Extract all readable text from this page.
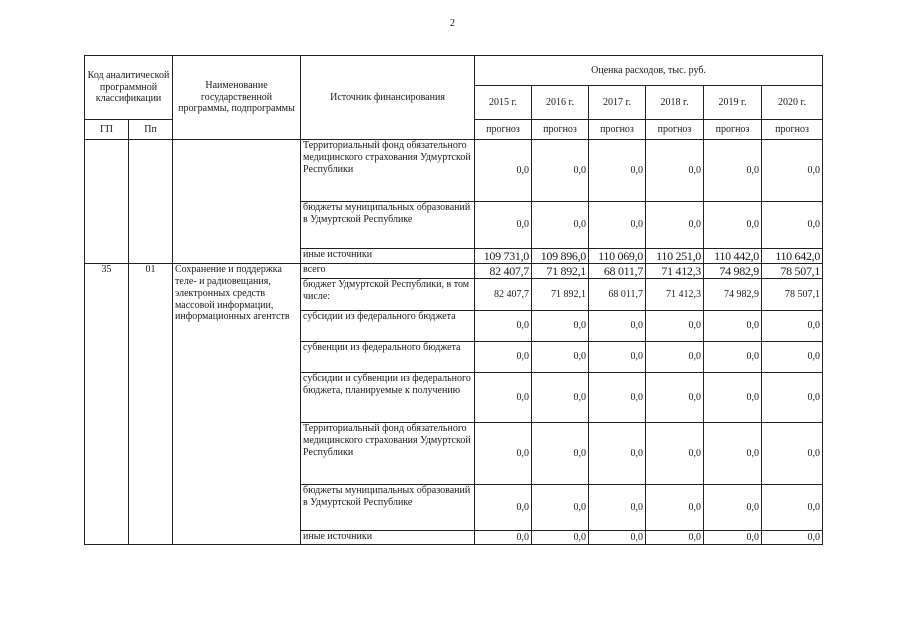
2
Код аналитической программной классификации		Наименование государственной программы, подпрограммы	Источник финансирования	Оценка расходов, тыс. руб.					
				2015 г.	2016 г.	2017 г.	2018 г.	2019 г.	2020 г.
ГП	Пп			прогноз	прогноз	прогноз	прогноз	прогноз	прогноз
			Территориальный фонд обязательного медицинского страхования Удмуртской Республики	0,0	0,0	0,0	0,0	0,0	0,0
			бюджеты муниципальных образований в Удмуртской Республике	0,0	0,0	0,0	0,0	0,0	0,0
			иные источники	109 731,0	109 896,0	110 069,0	110 251,0	110 442,0	110 642,0
35	01	Сохранение и поддержка теле- и радиовещания, электронных средств массовой информации, информационных агентств	всего	82 407,7	71 892,1	68 011,7	71 412,3	74 982,9	78 507,1
			бюджет Удмуртской Республики, в том числе:	82 407,7	71 892,1	68 011,7	71 412,3	74 982,9	78 507,1
			субсидии из федерального бюджета	0,0	0,0	0,0	0,0	0,0	0,0
			субвенции из федерального бюджета	0,0	0,0	0,0	0,0	0,0	0,0
			субсидии и субвенции из федерального бюджета, планируемые к получению	0,0	0,0	0,0	0,0	0,0	0,0
			Территориальный фонд обязательного медицинского страхования Удмуртской Республики	0,0	0,0	0,0	0,0	0,0	0,0
			бюджеты муниципальных образований в Удмуртской Республике	0,0	0,0	0,0	0,0	0,0	0,0
			иные источники	0,0	0,0	0,0	0,0	0,0	0,0
